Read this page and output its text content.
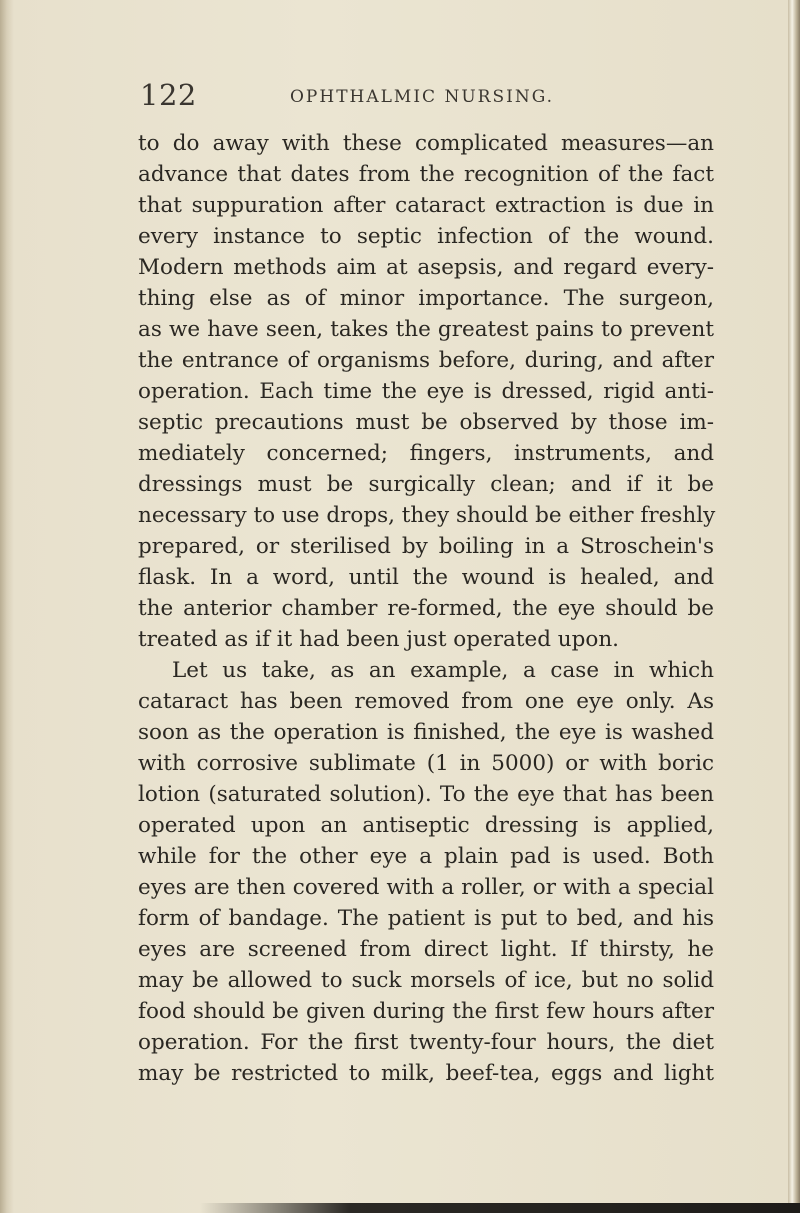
122	OPHTHALMIC NURSING.
to do away with these complicated measures—an
advance that dates from the recognition of the fact
that suppuration after cataract extraction is due in
every instance to septic infection of the wound.
Modern methods aim at asepsis, and regard every-
thing else as of minor importance. The surgeon,
as we have seen, takes the greatest pains to prevent
the entrance of organisms before, during, and after
operation. Each time the eye is dressed, rigid anti-
septic precautions must be observed by those im-
mediately concerned; fingers, instruments, and
dressings must be surgically clean; and if it be
necessary to use drops, they should be either freshly
prepared, or sterilised by boiling in a Stroschein's
flask. In a word, until the wound is healed, and
the anterior chamber re-formed, the eye should be
treated as if it had been just operated upon.
Let us take, as an example, a case in which
cataract has been removed from one eye only. As
soon as the operation is finished, the eye is washed
with corrosive sublimate (1 in 5000) or with boric
lotion (saturated solution). To the eye that has been
operated upon an antiseptic dressing is applied,
while for the other eye a plain pad is used. Both
eyes are then covered with a roller, or with a special
form of bandage. The patient is put to bed, and his
eyes are screened from direct light. If thirsty, he
may be allowed to suck morsels of ice, but no solid
food should be given during the first few hours after
operation. For the first twenty-four hours, the diet
may be restricted to milk, beef-tea, eggs and light
